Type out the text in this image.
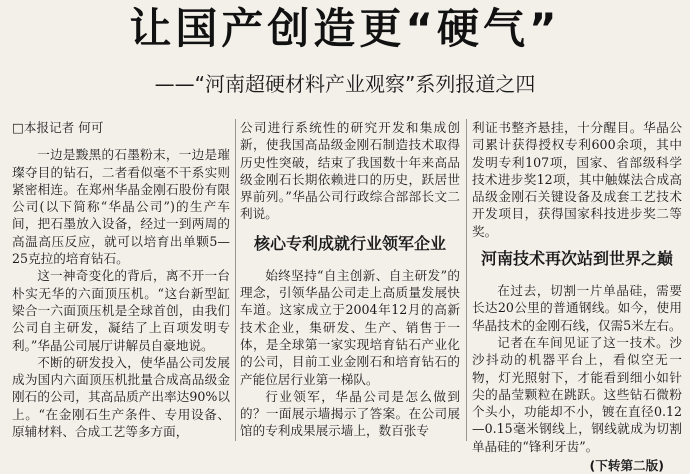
让国产创造更“硬气”
——“河南超硬材料产业观察”系列报道之四

□本报记者 何可

一边是黢黑的石墨粉末，一边是璀璨夺目的钻石，二者看似毫不干系实则紧密相连。在郑州华晶金刚石股份有限公司(以下简称“华晶公司”)的生产车间，把石墨放入设备，经过一到两周的高温高压反应，就可以培育出单颗5—25克拉的培育钻石。

这一神奇变化的背后，离不开一台朴实无华的六面顶压机。“这台新型缸梁合一六面顶压机是全球首创，由我们公司自主研发，凝结了上百项发明专利。”华晶公司展厅讲解员自豪地说。

不断的研发投入，使华晶公司发展成为国内六面顶压机批量合成高品级金刚石的公司，其高品质产出率达90%以上。“在金刚石生产条件、专用设备、原辅材料、合成工艺等多方面，

公司进行系统性的研究开发和集成创新，使我国高品级金刚石制造技术取得历史性突破，结束了我国数十年来高品级金刚石长期依赖进口的历史，跃居世界前列。”华晶公司行政综合部部长文二利说。

核心专利成就行业领军企业

始终坚持“自主创新、自主研发”的理念，引领华晶公司走上高质量发展快车道。这家成立于2004年12月的高新技术企业，集研发、生产、销售于一体，是全球第一家实现培育钻石产业化的公司，目前工业金刚石和培育钻石的产能位居行业第一梯队。

行业领军，华晶公司是怎么做到的？一面展示墙揭示了答案。在公司展馆的专利成果展示墙上，数百张专

利证书整齐悬挂，十分醒目。华晶公司累计获得授权专利600余项，其中发明专利107项，国家、省部级科学技术进步奖12项，其中触媒法合成高品级金刚石关键设备及成套工艺技术开发项目，获得国家科技进步奖二等奖。

河南技术再次站到世界之巅

在过去，切割一片单晶硅，需要长达20公里的普通钢线。如今，使用华晶技术的金刚石线，仅需5米左右。

记者在车间见证了这一技术。沙沙抖动的机器平台上，看似空无一物，灯光照射下，才能看到细小如针尖的晶莹颗粒在跳跃。这些钻石微粉个头小，功能却不小，镀在直径0.12—0.15毫米钢线上，钢线就成为切割单晶硅的“锋利牙齿”。

(下转第二版)
